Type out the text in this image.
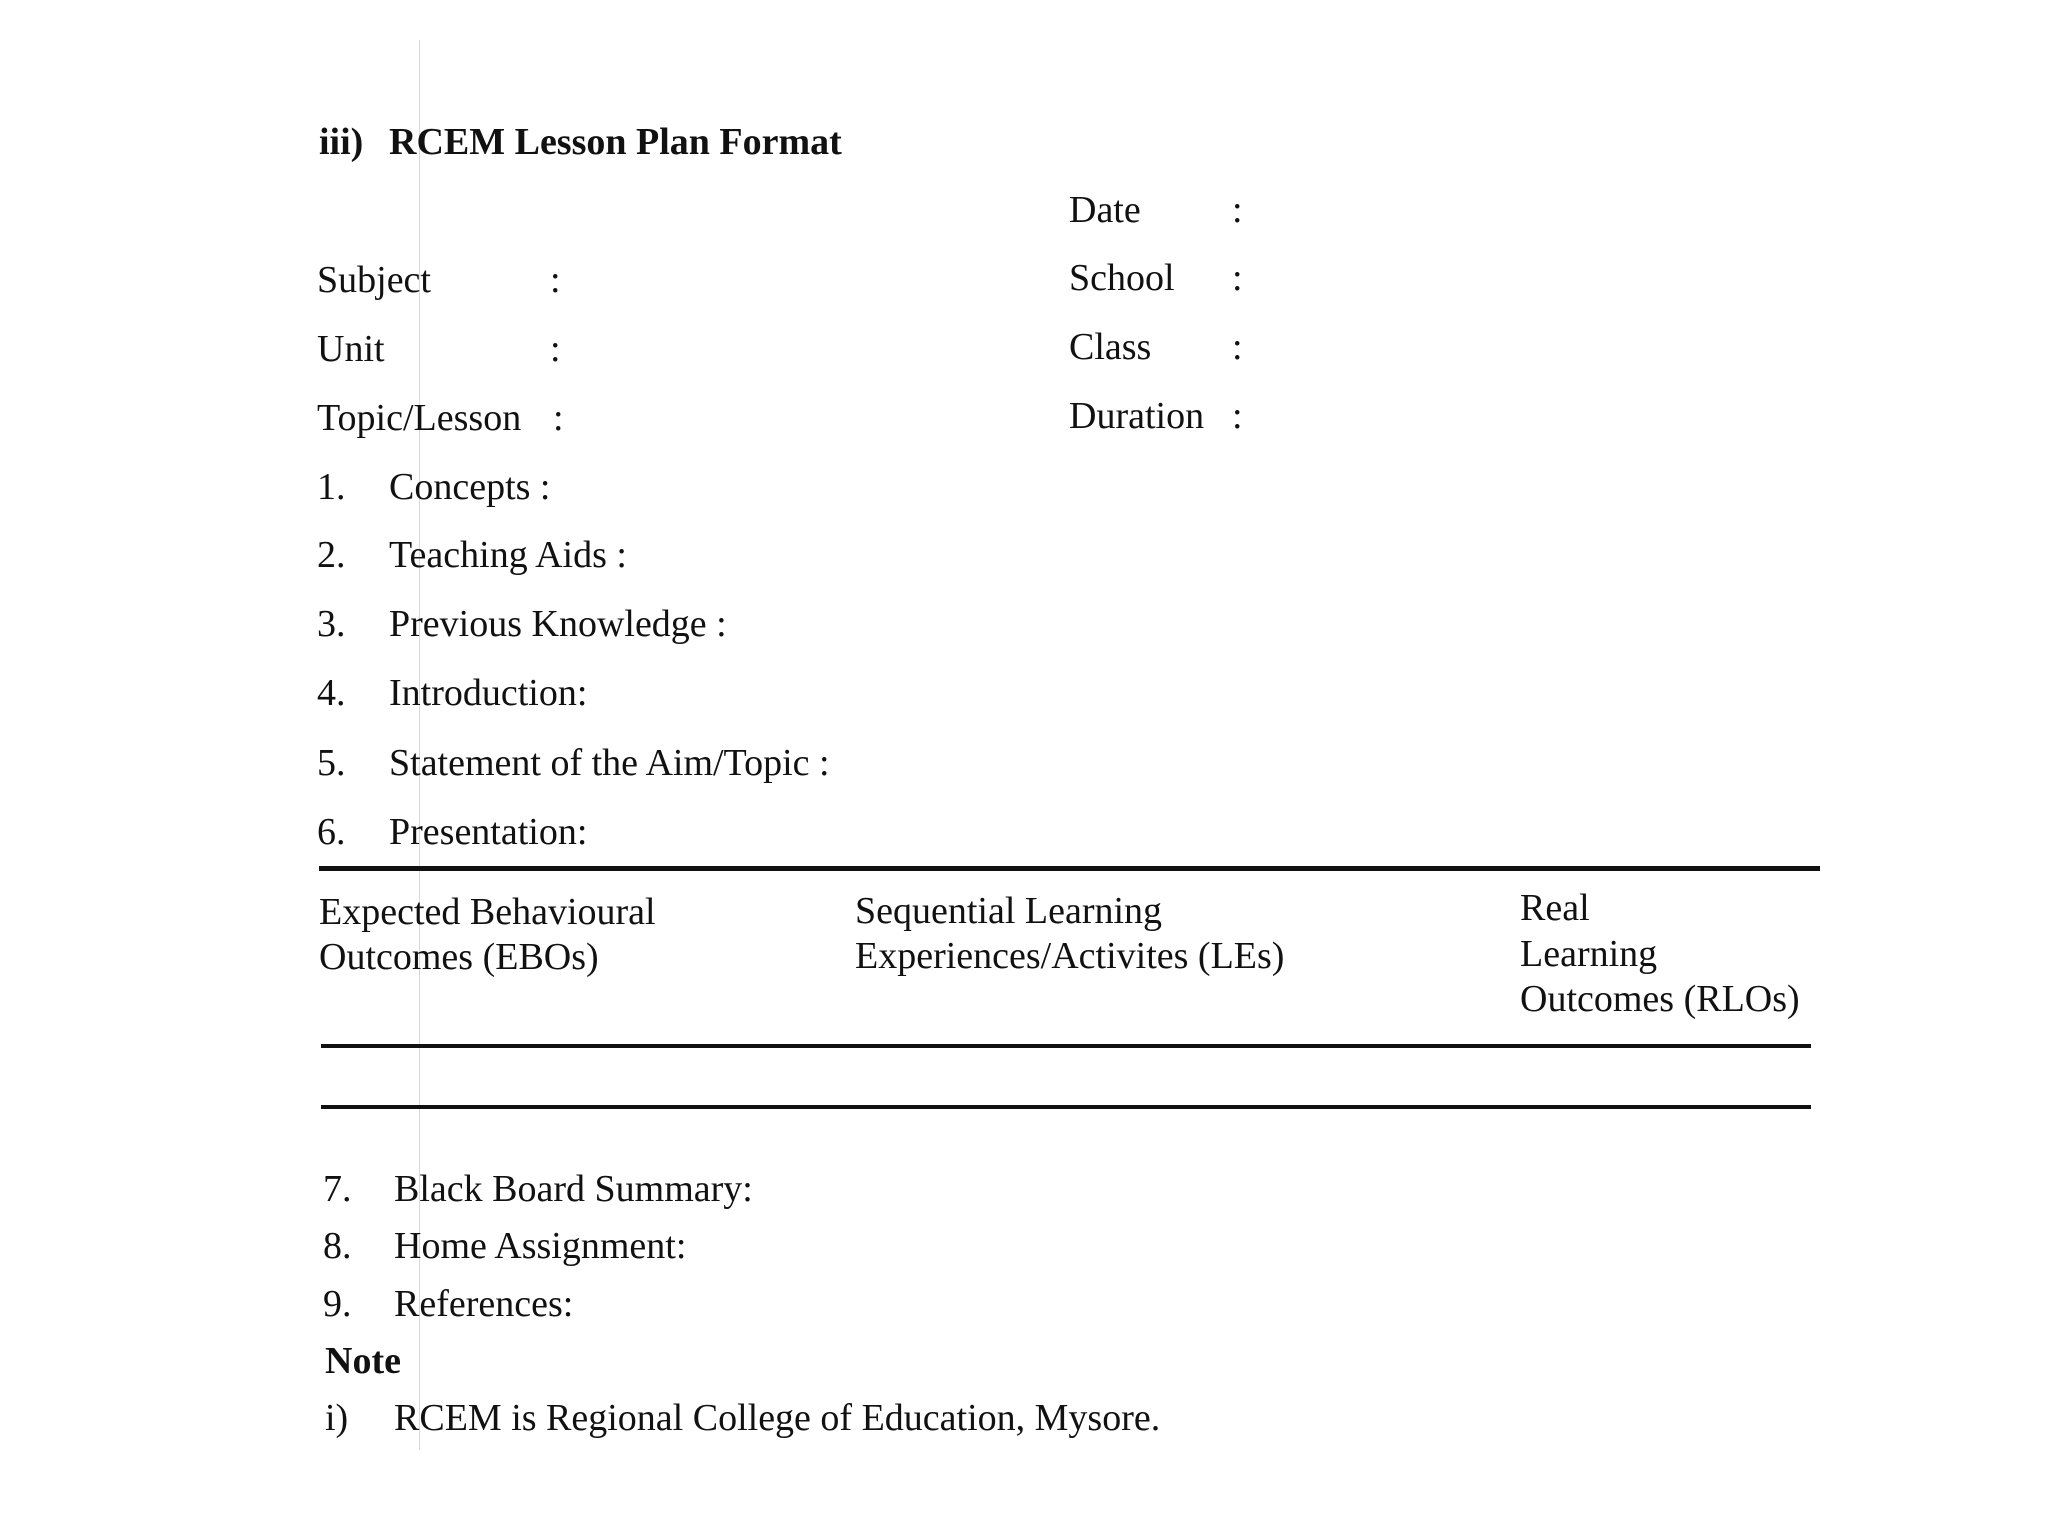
iii) RCEM Lesson Plan Format
Date :
School :
Class :
Duration :
Subject	:
Unit	:
Topic/Lesson :
1. Concepts :
2. Teaching Aids :
3. Previous Knowledge :
4. Introduction:
5. Statement of the Aim/Topic :
6. Presentation:
Expected Behavioural
Outcomes (EBOs)
Sequential Learning
Experiences/Activites (LEs)
Real
Learning
Outcomes (RLOs)
7. Black Board Summary:
8. Home Assignment:
9. References:
Note
i) RCEM is Regional College of Education, Mysore.
